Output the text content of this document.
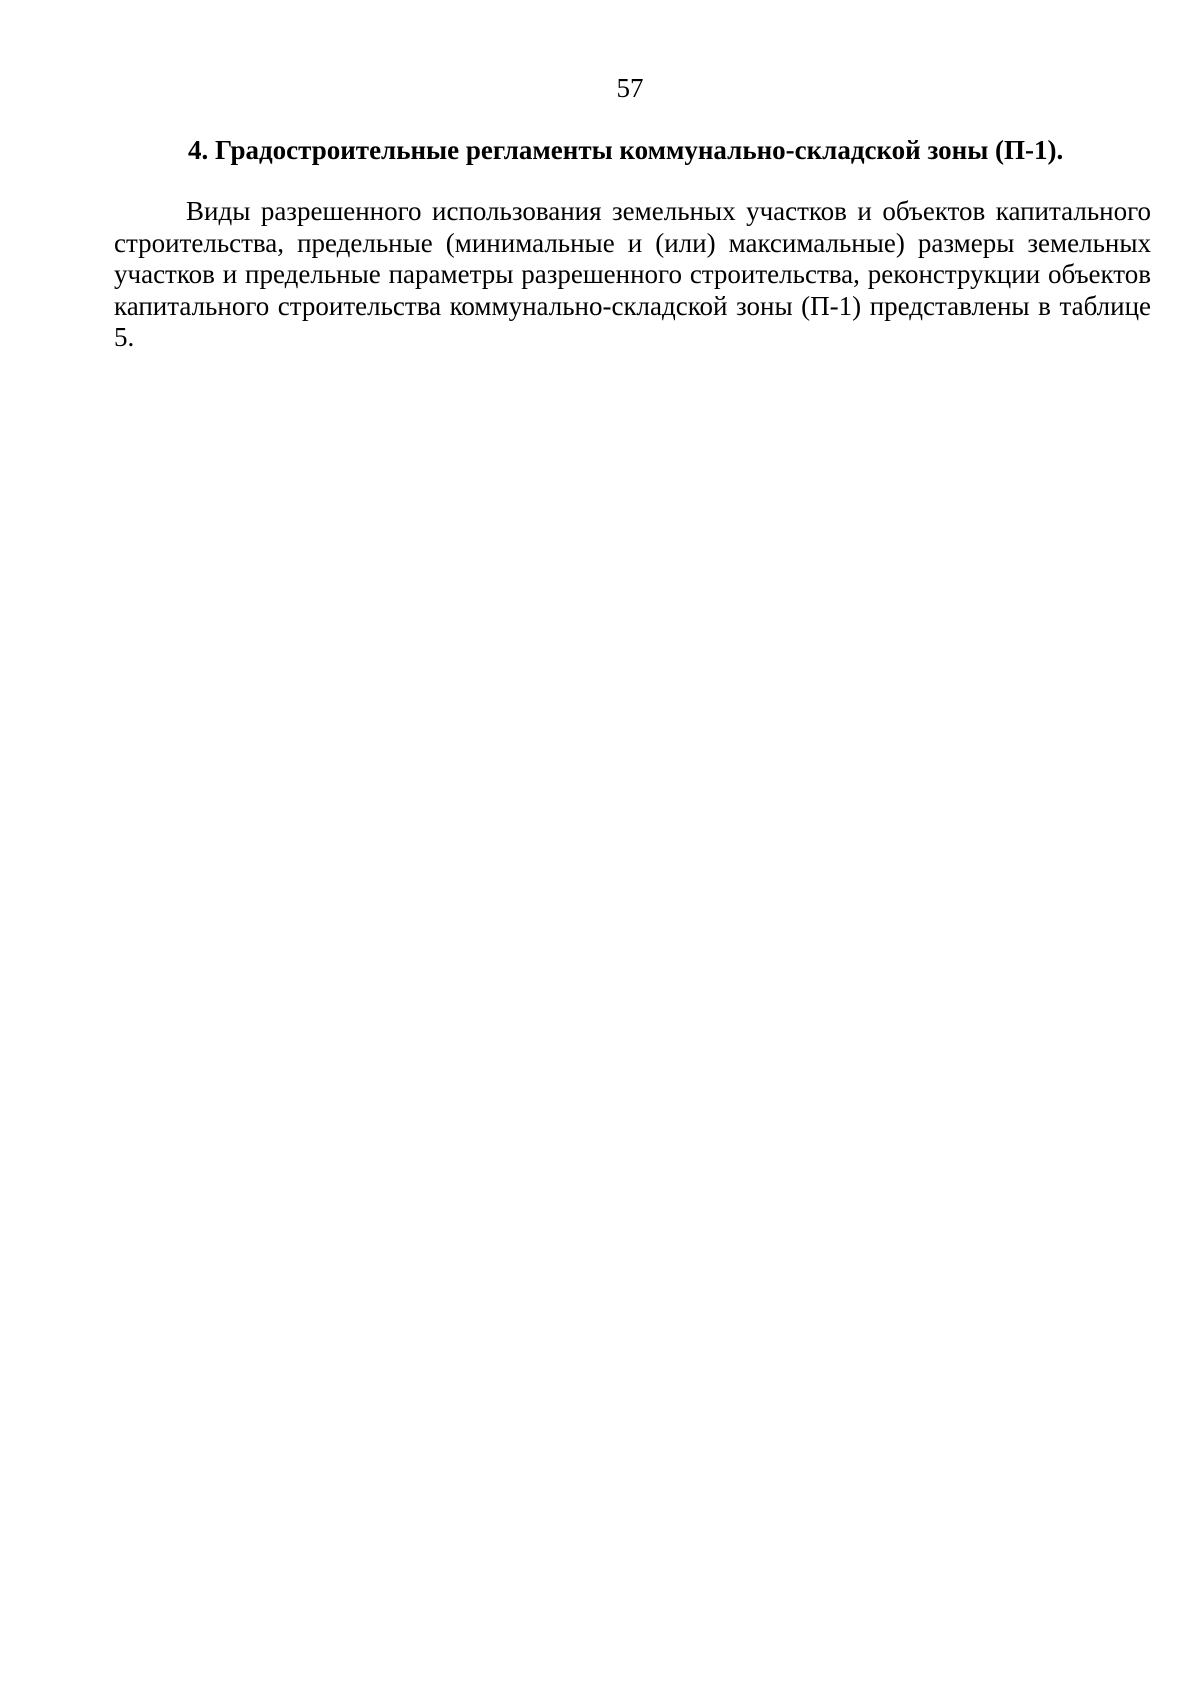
57
4. Градостроительные регламенты коммунально-складской зоны (П-1).

Виды разрешенного использования земельных участков и объектов капитального строительства, предельные (минимальные и (или) максимальные) размеры земельных участков и предельные параметры разрешенного строительства, реконструкции объектов капитального строительства коммунально-складской зоны (П-1) представлены в таблице 5.
